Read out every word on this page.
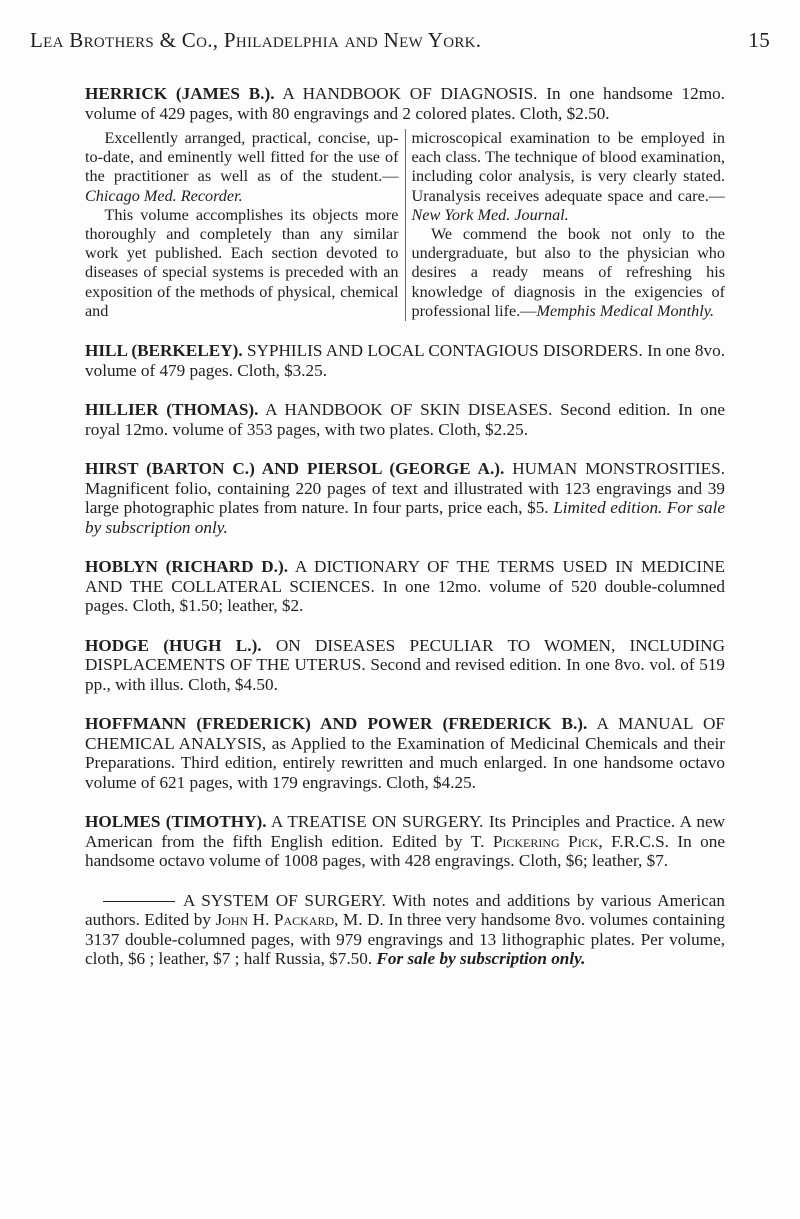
Lea Brothers & Co., Philadelphia and New York.	15
HERRICK (JAMES B.). A HANDBOOK OF DIAGNOSIS. In one handsome 12mo. volume of 429 pages, with 80 engravings and 2 colored plates. Cloth, $2.50.

Excellently arranged, practical, concise, up-to-date, and eminently well fitted for the use of the practitioner as well as of the student.— Chicago Med. Recorder.

This volume accomplishes its objects more thoroughly and completely than any similar work yet published. Each section devoted to diseases of special systems is preceded with an exposition of the methods of physical, chemical and

microscopical examination to be employed in each class. The technique of blood examination, including color analysis, is very clearly stated. Uranalysis receives adequate space and care.—New York Med. Journal.

We commend the book not only to the undergraduate, but also to the physician who desires a ready means of refreshing his knowledge of diagnosis in the exigencies of professional life.—Memphis Medical Monthly.

HILL (BERKELEY). SYPHILIS AND LOCAL CONTAGIOUS DISORDERS. In one 8vo. volume of 479 pages. Cloth, $3.25.
HILLIER (THOMAS). A HANDBOOK OF SKIN DISEASES. Second edition. In one royal 12mo. volume of 353 pages, with two plates. Cloth, $2.25.
HIRST (BARTON C.) AND PIERSOL (GEORGE A.). HUMAN MONSTROSITIES. Magnificent folio, containing 220 pages of text and illustrated with 123 engravings and 39 large photographic plates from nature. In four parts, price each, $5. Limited edition. For sale by subscription only.
HOBLYN (RICHARD D.). A DICTIONARY OF THE TERMS USED IN MEDICINE AND THE COLLATERAL SCIENCES. In one 12mo. volume of 520 double-columned pages. Cloth, $1.50; leather, $2.
HODGE (HUGH L.). ON DISEASES PECULIAR TO WOMEN, INCLUDING DISPLACEMENTS OF THE UTERUS. Second and revised edition. In one 8vo. vol. of 519 pp., with illus. Cloth, $4.50.
HOFFMANN (FREDERICK) AND POWER (FREDERICK B.). A MANUAL OF CHEMICAL ANALYSIS, as Applied to the Examination of Medicinal Chemicals and their Preparations. Third edition, entirely rewritten and much enlarged. In one handsome octavo volume of 621 pages, with 179 engravings. Cloth, $4.25.
HOLMES (TIMOTHY). A TREATISE ON SURGERY. Its Principles and Practice. A new American from the fifth English edition. Edited by T. Pickering Pick, F.R.C.S. In one handsome octavo volume of 1008 pages, with 428 engravings. Cloth, $6; leather, $7.
A SYSTEM OF SURGERY. With notes and additions by various American authors. Edited by John H. Packard, M. D. In three very handsome 8vo. volumes containing 3137 double-columned pages, with 979 engravings and 13 lithographic plates. Per volume, cloth, $6 ; leather, $7 ; half Russia, $7.50. For sale by subscription only.
